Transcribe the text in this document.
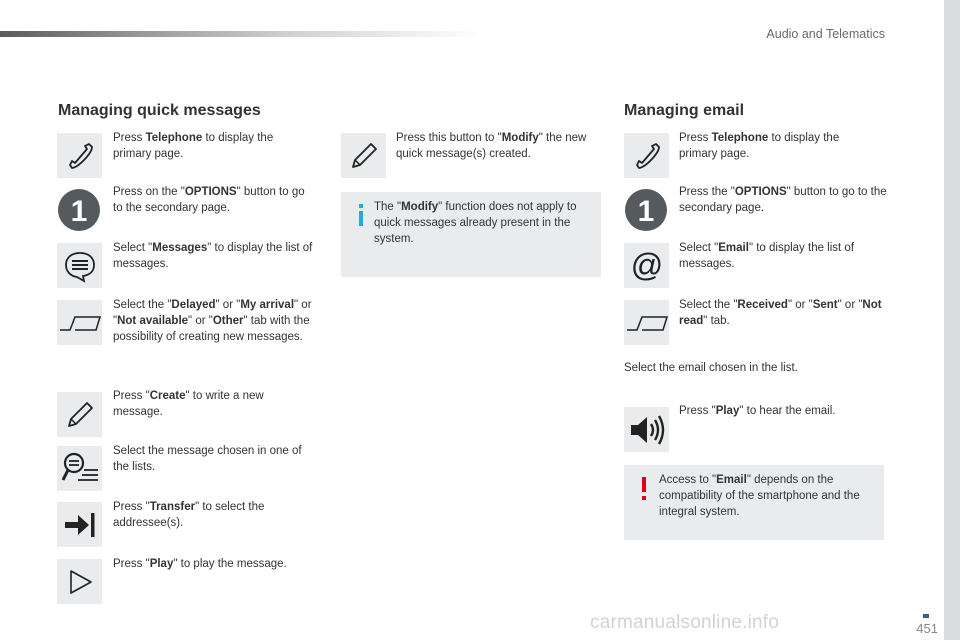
Audio and Telematics
Managing quick messages
Press Telephone to display the primary page.
1
Press on the "OPTIONS" button to go to the secondary page.
Select "Messages" to display the list of messages.
Select the "Delayed" or "My arrival" or "Not available" or "Other" tab with the possibility of creating new messages.
Press "Create" to write a new message.
Select the message chosen in one of the lists.
Press "Transfer" to select the addressee(s).
Press "Play" to play the message.
Press this button to "Modify" the new quick message(s) created.
The "Modify" function does not apply to quick messages already present in the system.
Managing email
Press Telephone to display the primary page.
1
Press the "OPTIONS" button to go to the secondary page.
@ Select "Email" to display the list of messages.
Select the "Received" or "Sent" or "Not read" tab.
Select the email chosen in the list.
Press "Play" to hear the email.
Access to "Email" depends on the compatibility of the smartphone and the integral system.
451
carmanualsonline.info
